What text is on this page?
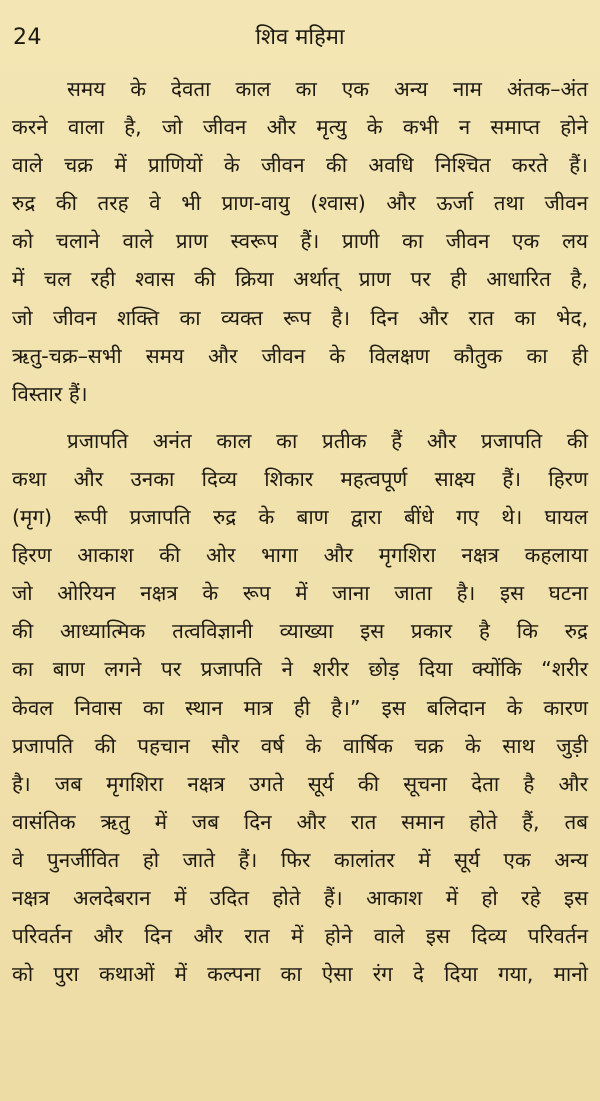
24	शिव महिमा
समय के देवता काल का एक अन्य नाम अंतक–अंत
करने वाला है, जो जीवन और मृत्यु के कभी न समाप्त होने
वाले चक्र में प्राणियों के जीवन की अवधि निश्चित करते हैं।
रुद्र की तरह वे भी प्राण-वायु (श्वास) और ऊर्जा तथा जीवन
को चलाने वाले प्राण स्वरूप हैं। प्राणी का जीवन एक लय
में चल रही श्वास की क्रिया अर्थात् प्राण पर ही आधारित है,
जो जीवन शक्ति का व्यक्त रूप है। दिन और रात का भेद,
ऋतु-चक्र–सभी समय और जीवन के विलक्षण कौतुक का ही
विस्तार हैं।
प्रजापति अनंत काल का प्रतीक हैं और प्रजापति की
कथा और उनका दिव्य शिकार महत्वपूर्ण साक्ष्य हैं। हिरण
(मृग) रूपी प्रजापति रुद्र के बाण द्वारा बींधे गए थे। घायल
हिरण आकाश की ओर भागा और मृगशिरा नक्षत्र कहलाया
जो ओरियन नक्षत्र के रूप में जाना जाता है। इस घटना
की आध्यात्मिक तत्वविज्ञानी व्याख्या इस प्रकार है कि रुद्र
का बाण लगने पर प्रजापति ने शरीर छोड़ दिया क्योंकि “शरीर
केवल निवास का स्थान मात्र ही है।” इस बलिदान के कारण
प्रजापति की पहचान सौर वर्ष के वार्षिक चक्र के साथ जुड़ी
है। जब मृगशिरा नक्षत्र उगते सूर्य की सूचना देता है और
वासंतिक ऋतु में जब दिन और रात समान होते हैं, तब
वे पुनर्जीवित हो जाते हैं। फिर कालांतर में सूर्य एक अन्य
नक्षत्र अलदेबरान में उदित होते हैं। आकाश में हो रहे इस
परिवर्तन और दिन और रात में होने वाले इस दिव्य परिवर्तन
को पुरा कथाओं में कल्पना का ऐसा रंग दे दिया गया, मानो
